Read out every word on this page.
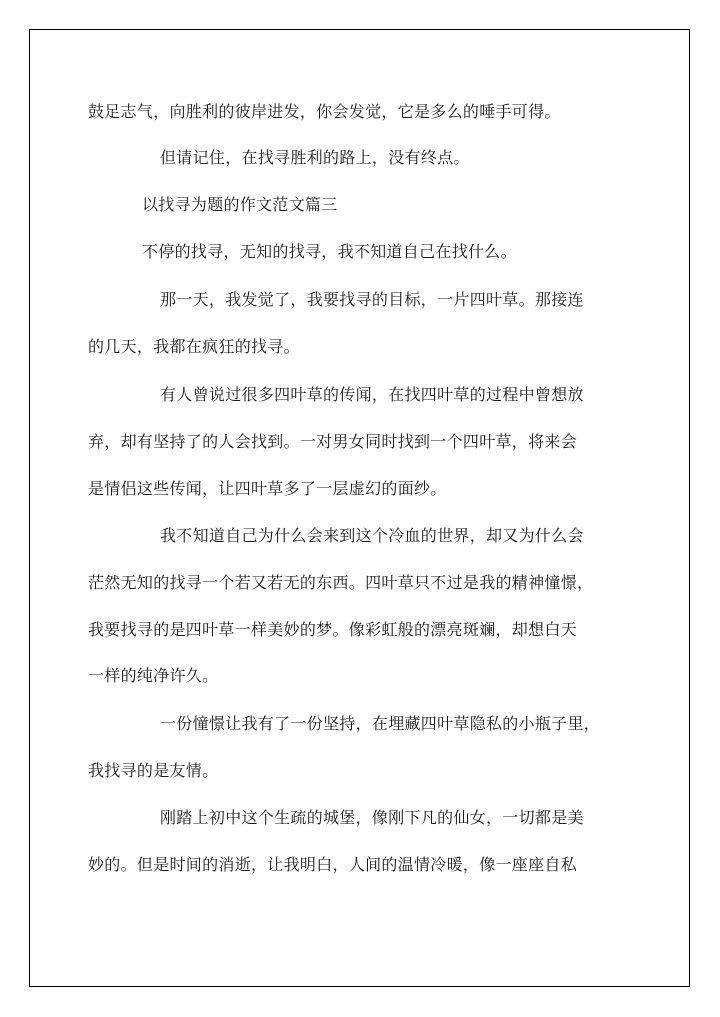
鼓足志气，向胜利的彼岸进发，你会发觉，它是多么的唾手可得。
但请记住，在找寻胜利的路上，没有终点。
以找寻为题的作文范文篇三
不停的找寻，无知的找寻，我不知道自己在找什么。
那一天，我发觉了，我要找寻的目标，一片四叶草。那接连
的几天，我都在疯狂的找寻。
有人曾说过很多四叶草的传闻，在找四叶草的过程中曾想放
弃，却有坚持了的人会找到。一对男女同时找到一个四叶草，将来会
是情侣这些传闻，让四叶草多了一层虚幻的面纱。
我不知道自己为什么会来到这个冷血的世界，却又为什么会
茫然无知的找寻一个若又若无的东西。四叶草只不过是我的精神憧憬，
我要找寻的是四叶草一样美妙的梦。像彩虹般的漂亮斑斓，却想白天
一样的纯净许久。
一份憧憬让我有了一份坚持，在埋藏四叶草隐私的小瓶子里，
我找寻的是友情。
刚踏上初中这个生疏的城堡，像刚下凡的仙女，一切都是美
妙的。但是时间的消逝，让我明白，人间的温情冷暖，像一座座自私
